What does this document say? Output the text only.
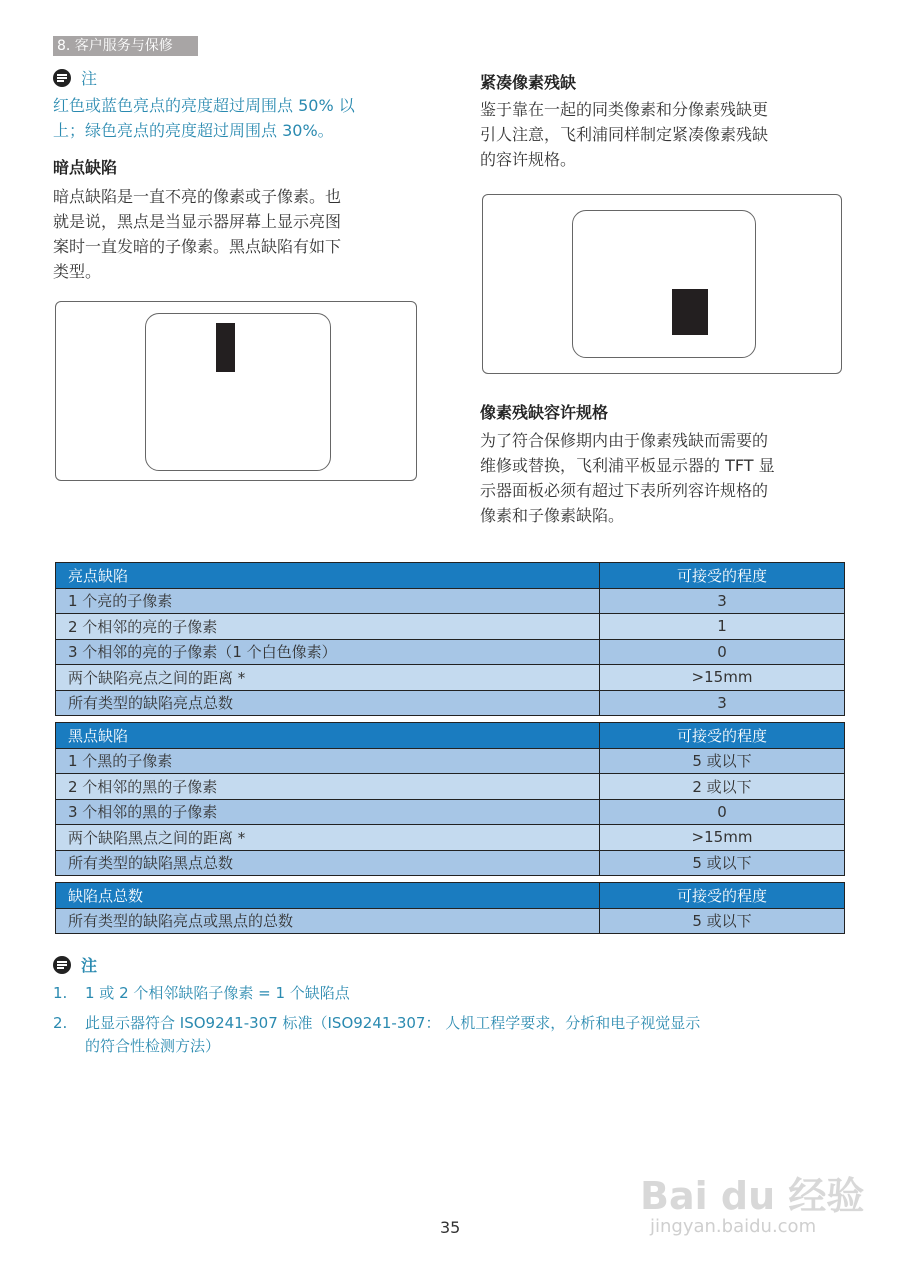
8. 客户服务与保修
注
红色或蓝色亮点的亮度超过周围点 50% 以
上；绿色亮点的亮度超过周围点 30%。
暗点缺陷
暗点缺陷是一直不亮的像素或子像素。也
就是说，黑点是当显示器屏幕上显示亮图
案时一直发暗的子像素。黑点缺陷有如下
类型。
紧凑像素残缺
鉴于靠在一起的同类像素和分像素残缺更
引人注意，飞利浦同样制定紧凑像素残缺
的容许规格。
像素残缺容许规格
为了符合保修期内由于像素残缺而需要的
维修或替换，飞利浦平板显示器的 TFT 显
示器面板必须有超过下表所列容许规格的
像素和子像素缺陷。
亮点缺陷	可接受的程度
1 个亮的子像素	3
2 个相邻的亮的子像素	1
3 个相邻的亮的子像素（1 个白色像素）	0
两个缺陷亮点之间的距离 *	>15mm
所有类型的缺陷亮点总数	3
黑点缺陷	可接受的程度
1 个黑的子像素	5 或以下
2 个相邻的黑的子像素	2 或以下
3 个相邻的黑的子像素	0
两个缺陷黑点之间的距离 *	>15mm
所有类型的缺陷黑点总数	5 或以下
缺陷点总数	可接受的程度
所有类型的缺陷亮点或黑点的总数	5 或以下
注
1. 1 或 2 个相邻缺陷子像素 = 1 个缺陷点
2. 此显示器符合 ISO9241-307 标准（ISO9241-307： 人机工程学要求，分析和电子视觉显示
的符合性检测方法）
Bai du 经验
jingyan.baidu.com
35
